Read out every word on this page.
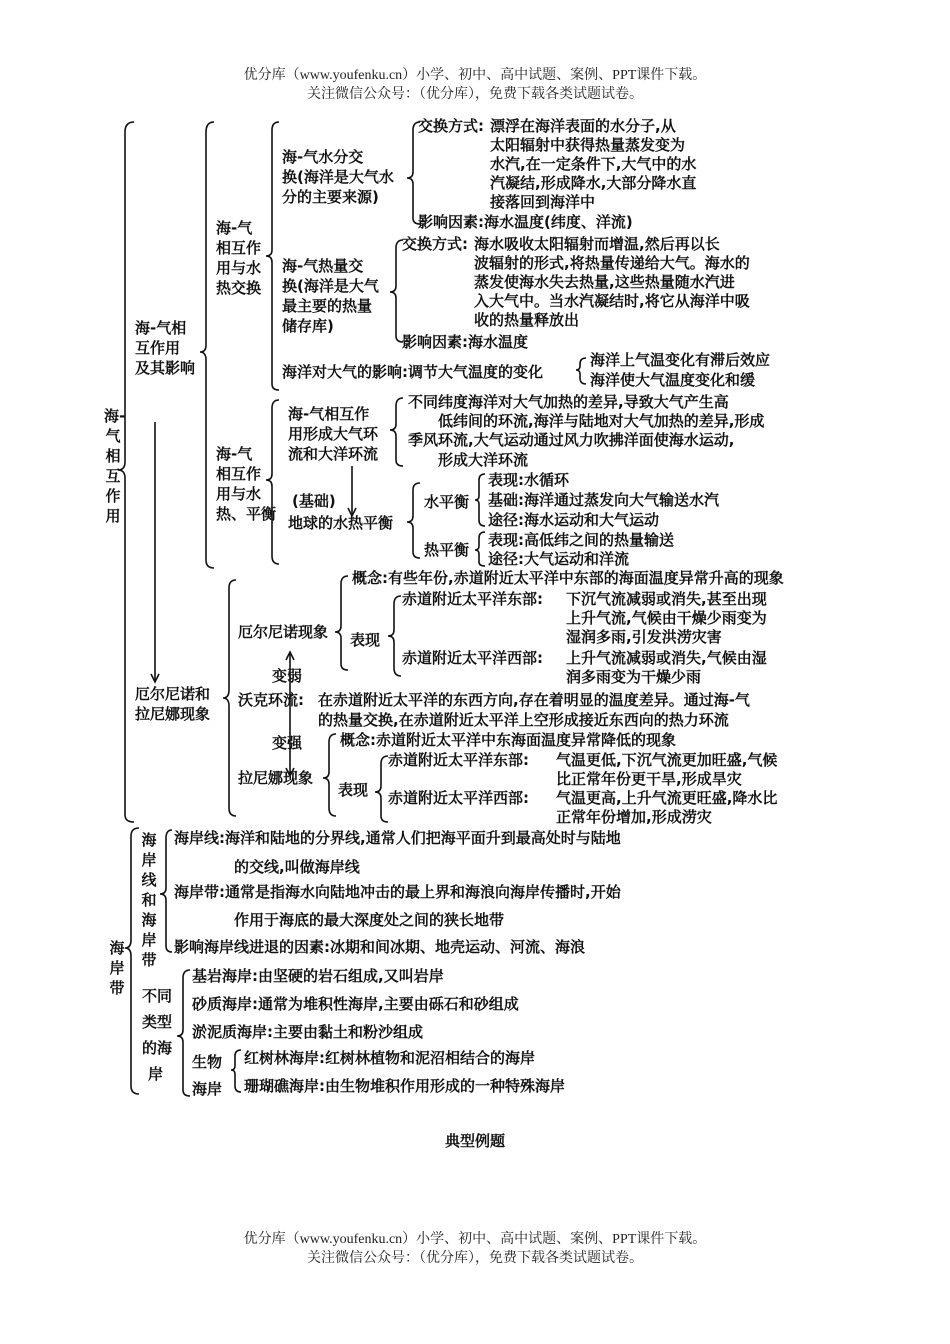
优分库（www.youfenku.cn）小学、初中、高中试题、案例、PPT课件下载。
关注微信公众号：（优分库），免费下载各类试题试卷。
海-气相互作用
海-气相
互作用
及其影响
海-气
相互作
用与水
热交换
海-气水分交
换(海洋是大气水
分的主要来源)
交换方式: 漂浮在海洋表面的水分子,从
太阳辐射中获得热量蒸发变为
水汽,在一定条件下,大气中的水
汽凝结,形成降水,大部分降水直
接落回到海洋中
影响因素:海水温度(纬度、洋流)
海-气热量交
换(海洋是大气
最主要的热量
储存库)
交换方式: 海水吸收太阳辐射而增温,然后再以长
波辐射的形式,将热量传递给大气。海水的
蒸发使海水失去热量,这些热量随水汽进
入大气中。当水汽凝结时,将它从海洋中吸
收的热量释放出
影响因素:海水温度
海洋对大气的影响:调节大气温度的变化
海洋上气温变化有滞后效应
海洋使大气温度变化和缓
海-气
相互作
用与水
热、平衡
海-气相互作
用形成大气环
流和大洋环流
不同纬度海洋对大气加热的差异,导致大气产生高
低纬间的环流,海洋与陆地对大气加热的差异,形成
季风环流,大气运动通过风力吹拂洋面使海水运动,
形成大洋环流
(基础)
地球的水热平衡
水平衡
表现:水循环
基础:海洋通过蒸发向大气输送水汽
途径:海水运动和大气运动
热平衡
表现:高低纬之间的热量输送
途径:大气运动和洋流
厄尔尼诺和
拉尼娜现象
厄尔尼诺现象
概念:有些年份,赤道附近太平洋中东部的海面温度异常升高的现象
表现
赤道附近太平洋东部: 下沉气流减弱或消失,甚至出现
上升气流,气候由干燥少雨变为
湿润多雨,引发洪涝灾害
赤道附近太平洋西部: 上升气流减弱或消失,气候由湿
润多雨变为干燥少雨
变弱
沃克环流: 在赤道附近太平洋的东西方向,存在着明显的温度差异。通过海-气
的热量交换,在赤道附近太平洋上空形成接近东西向的热力环流
变强
拉尼娜现象
概念:赤道附近太平洋中东海面温度异常降低的现象
表现
赤道附近太平洋东部: 气温更低,下沉气流更加旺盛,气候
比正常年份更干旱,形成旱灾
赤道附近太平洋西部: 气温更高,上升气流更旺盛,降水比
正常年份增加,形成涝灾
海岸带
海岸线和海岸带
海岸线:海洋和陆地的分界线,通常人们把海平面升到最高处时与陆地
的交线,叫做海岸线
海岸带:通常是指海水向陆地冲击的最上界和海浪向海岸传播时,开始
作用于海底的最大深度处之间的狭长地带
影响海岸线进退的因素:冰期和间冰期、地壳运动、河流、海浪
不同
类型
的海
岸
基岩海岸:由坚硬的岩石组成,又叫岩岸
砂质海岸:通常为堆积性海岸,主要由砾石和砂组成
淤泥质海岸:主要由黏土和粉沙组成
生物
海岸
红树林海岸:红树林植物和泥沼相结合的海岸
珊瑚礁海岸:由生物堆积作用形成的一种特殊海岸
典型例题
优分库（www.youfenku.cn）小学、初中、高中试题、案例、PPT课件下载。
关注微信公众号：（优分库），免费下载各类试题试卷。
